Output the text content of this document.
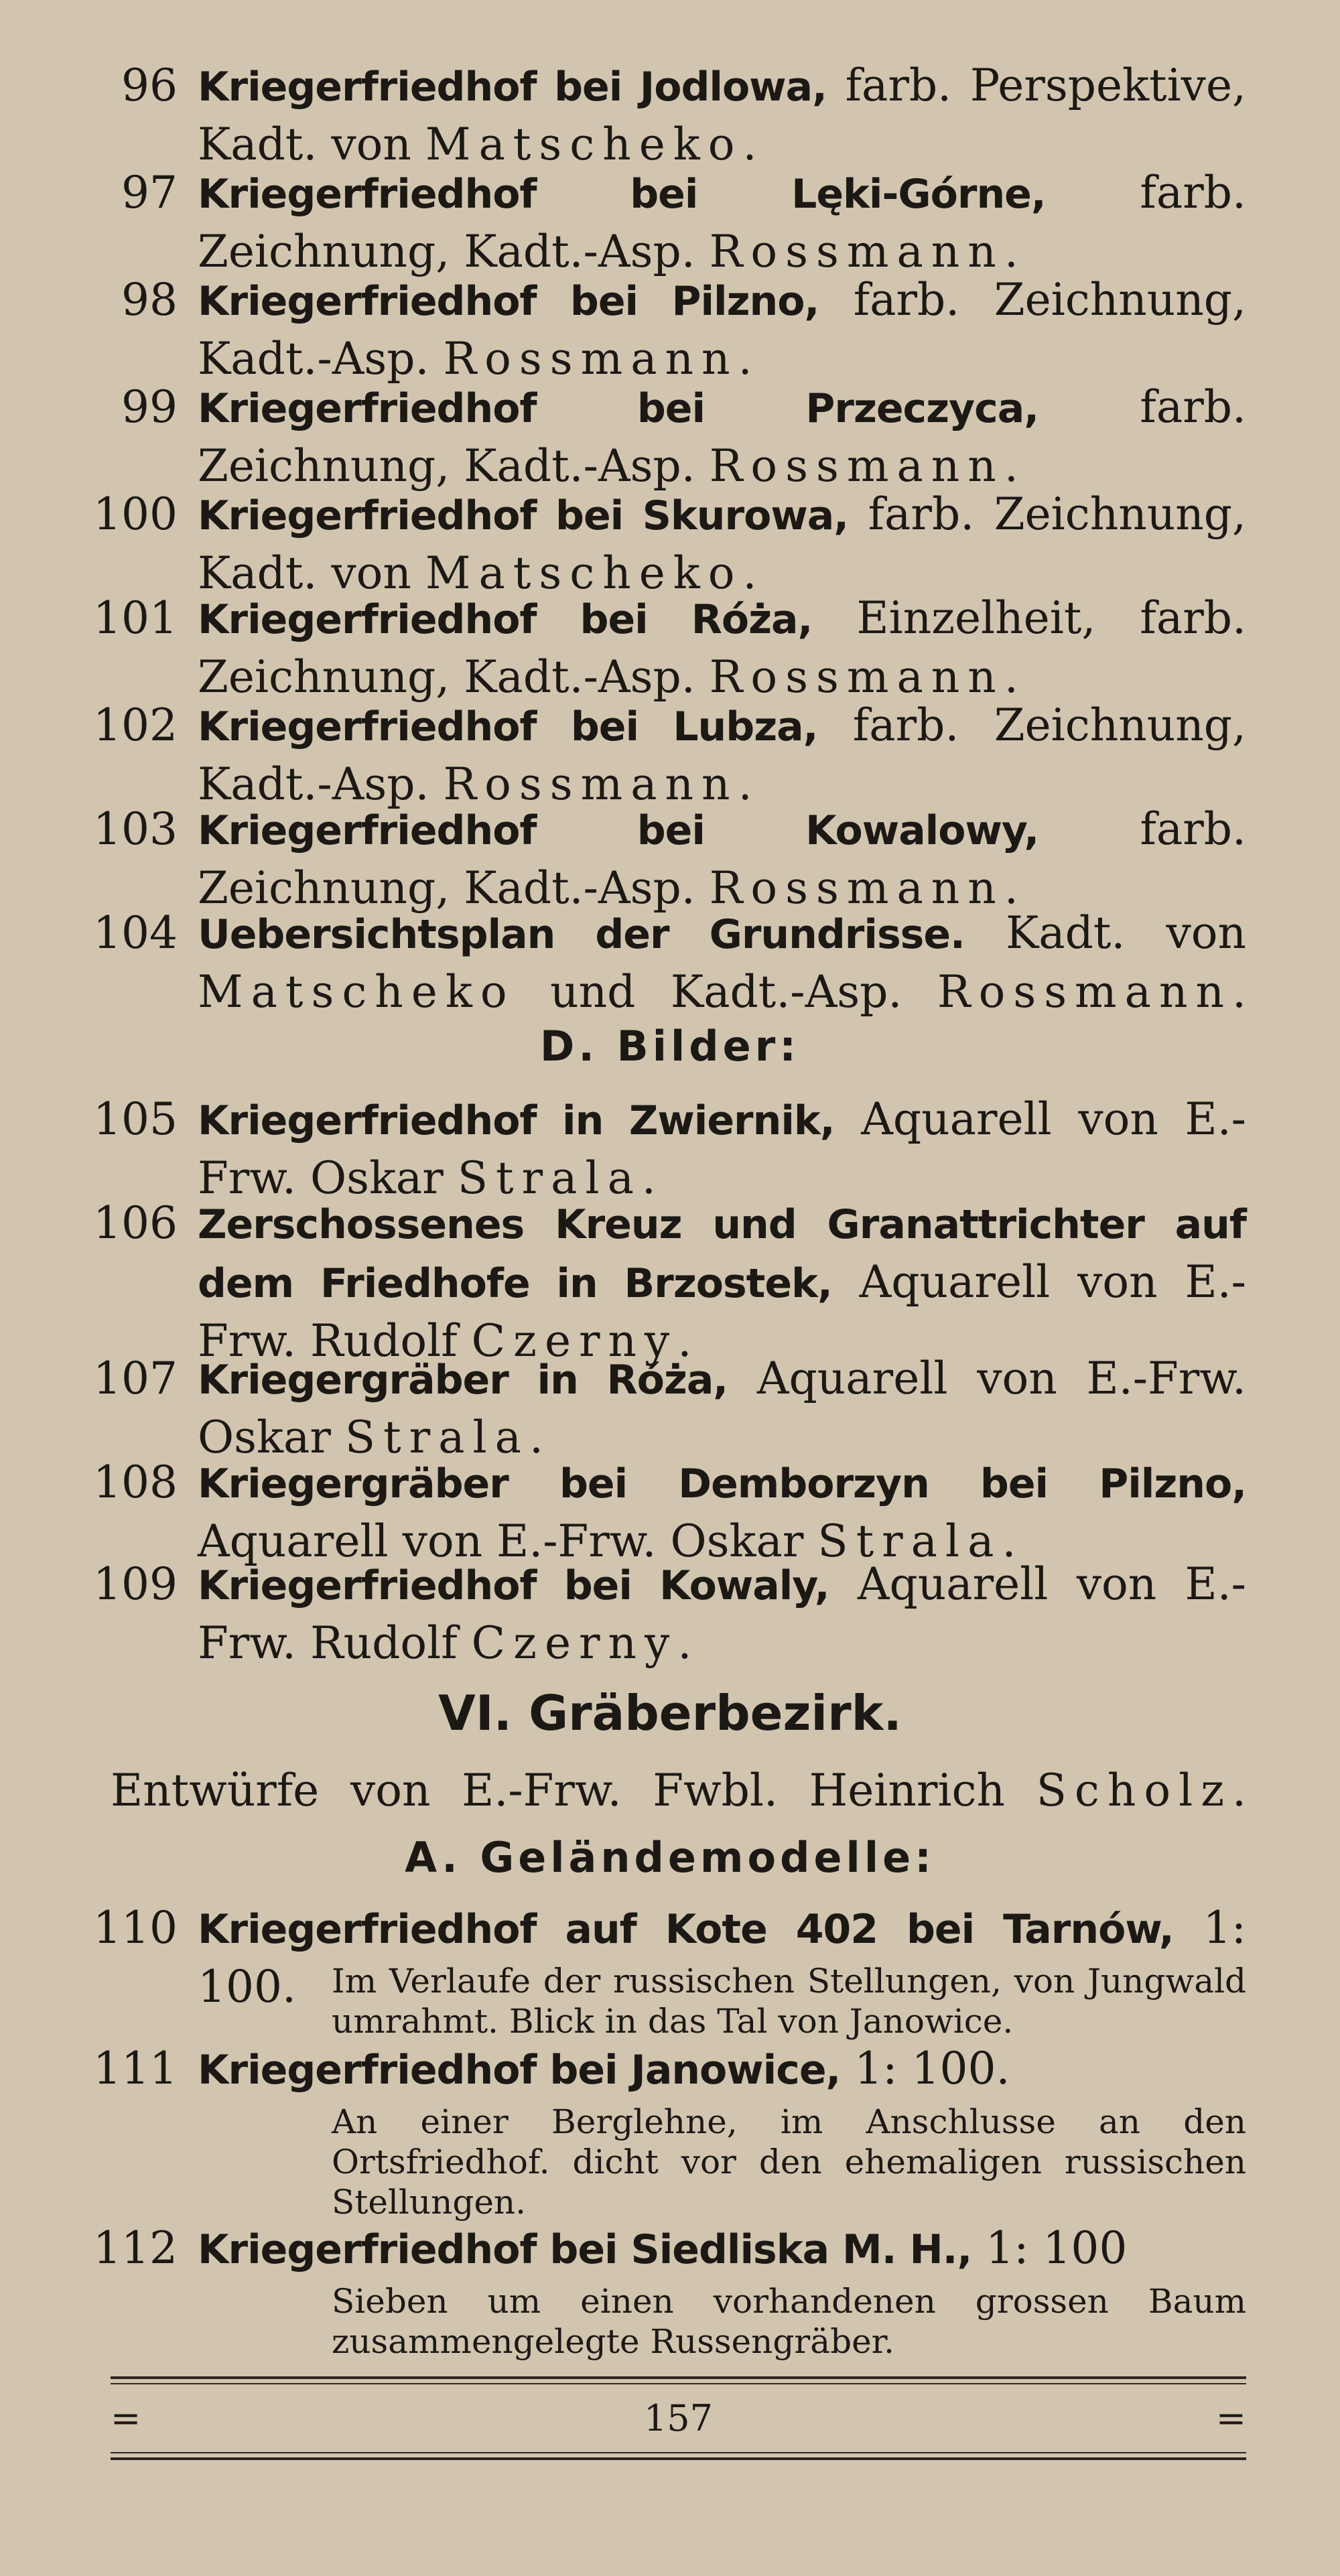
96 Kriegerfriedhof bei Jodlowa, farb. Perspektive, Kadt. von Matscheko.
97 Kriegerfriedhof bei Lęki-Górne, farb. Zeichnung, Kadt.-Asp. Rossmann.
98 Kriegerfriedhof bei Pilzno, farb. Zeichnung, Kadt.-Asp. Rossmann.
99 Kriegerfriedhof bei Przeczyca, farb. Zeichnung, Kadt.-Asp. Rossmann.
100 Kriegerfriedhof bei Skurowa, farb. Zeichnung, Kadt. von Matscheko.
101 Kriegerfriedhof bei Róża, Einzelheit, farb. Zeichnung, Kadt.-Asp. Rossmann.
102 Kriegerfriedhof bei Lubza, farb. Zeichnung, Kadt.-Asp. Rossmann.
103 Kriegerfriedhof bei Kowalowy, farb. Zeichnung, Kadt.-Asp. Rossmann.
104 Uebersichtsplan der Grundrisse. Kadt. von Matscheko und Kadt.-Asp. Rossmann.
D. Bilder:
105 Kriegerfriedhof in Zwiernik, Aquarell von E.-Frw. Oskar Strala.
106 Zerschossenes Kreuz und Granattrichter auf dem Friedhofe in Brzostek, Aquarell von E.-Frw. Rudolf Czerny.
107 Kriegergräber in Róża, Aquarell von E.-Frw. Oskar Strala.
108 Kriegergräber bei Demborzyn bei Pilzno, Aquarell von E.-Frw. Oskar Strala.
109 Kriegerfriedhof bei Kowaly, Aquarell von E.-Frw. Rudolf Czerny.
VI. Gräberbezirk.
Entwürfe von E.-Frw. Fwbl. Heinrich Scholz.
A. Geländemodelle:
110 Kriegerfriedhof auf Kote 402 bei Tarnów, 1: 100.	Im Verlaufe der russischen Stellungen, von Jungwald umrahmt. Blick in das Tal von Janowice.
111 Kriegerfriedhof bei Janowice, 1: 100.
An einer Berglehne, im Anschlusse an den Ortsfriedhof. dicht vor den ehemaligen russischen Stellungen.
112 Kriegerfriedhof bei Siedliska M. H., 1: 100
Sieben um einen vorhandenen grossen Baum zusammengelegte Russengräber.
=	157	=
